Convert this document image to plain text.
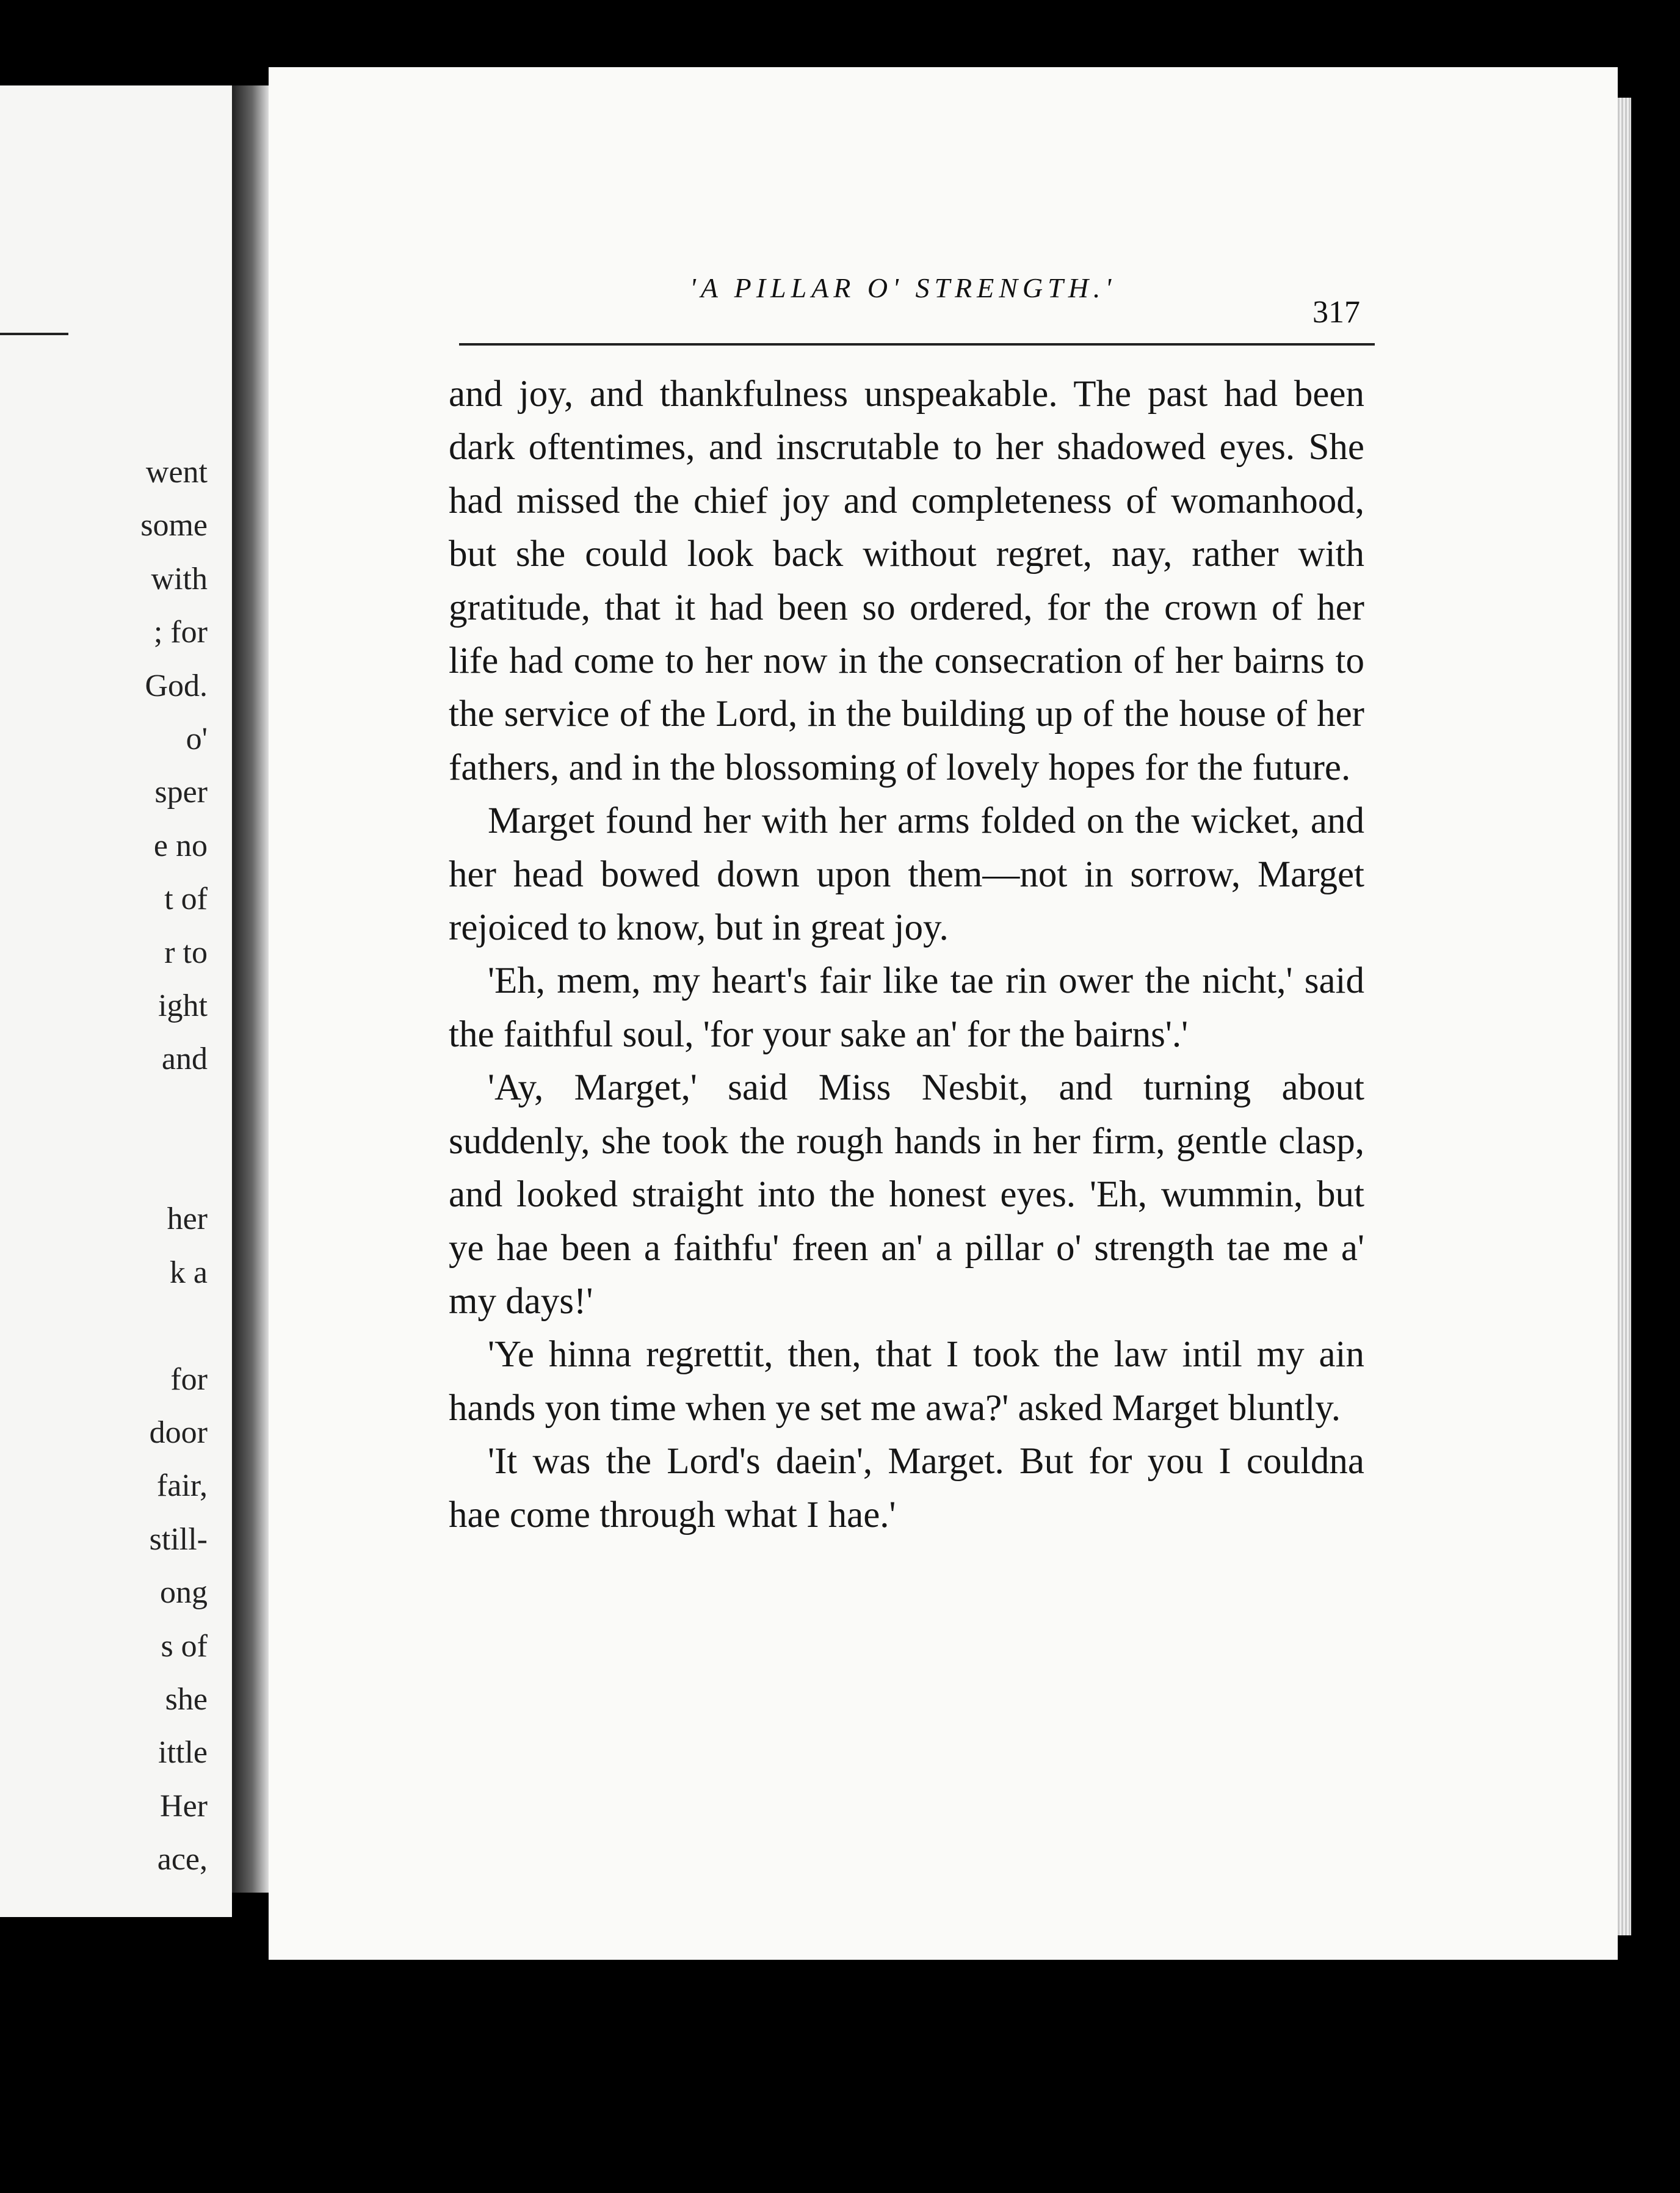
went
some
with
; for
God.
o'
sper
e no
t of
r to
ight
and
her
k a
for
door
fair,
still-
ong
s of
she
ittle
Her
ace,
'A PILLAR O' STRENGTH.'
317

and joy, and thankfulness unspeakable. The past had been dark oftentimes, and inscrutable to her shadowed eyes. She had missed the chief joy and completeness of womanhood, but she could look back without regret, nay, rather with gratitude, that it had been so ordered, for the crown of her life had come to her now in the consecration of her bairns to the service of the Lord, in the building up of the house of her fathers, and in the blossoming of lovely hopes for the future.

Marget found her with her arms folded on the wicket, and her head bowed down upon them—not in sorrow, Marget rejoiced to know, but in great joy.

'Eh, mem, my heart's fair like tae rin ower the nicht,' said the faithful soul, 'for your sake an' for the bairns'.'

'Ay, Marget,' said Miss Nesbit, and turning about suddenly, she took the rough hands in her firm, gentle clasp, and looked straight into the honest eyes. 'Eh, wummin, but ye hae been a faithfu' freen an' a pillar o' strength tae me a' my days!'

'Ye hinna regrettit, then, that I took the law intil my ain hands yon time when ye set me awa?' asked Marget bluntly.

'It was the Lord's daein', Marget. But for you I couldna hae come through what I hae.'
